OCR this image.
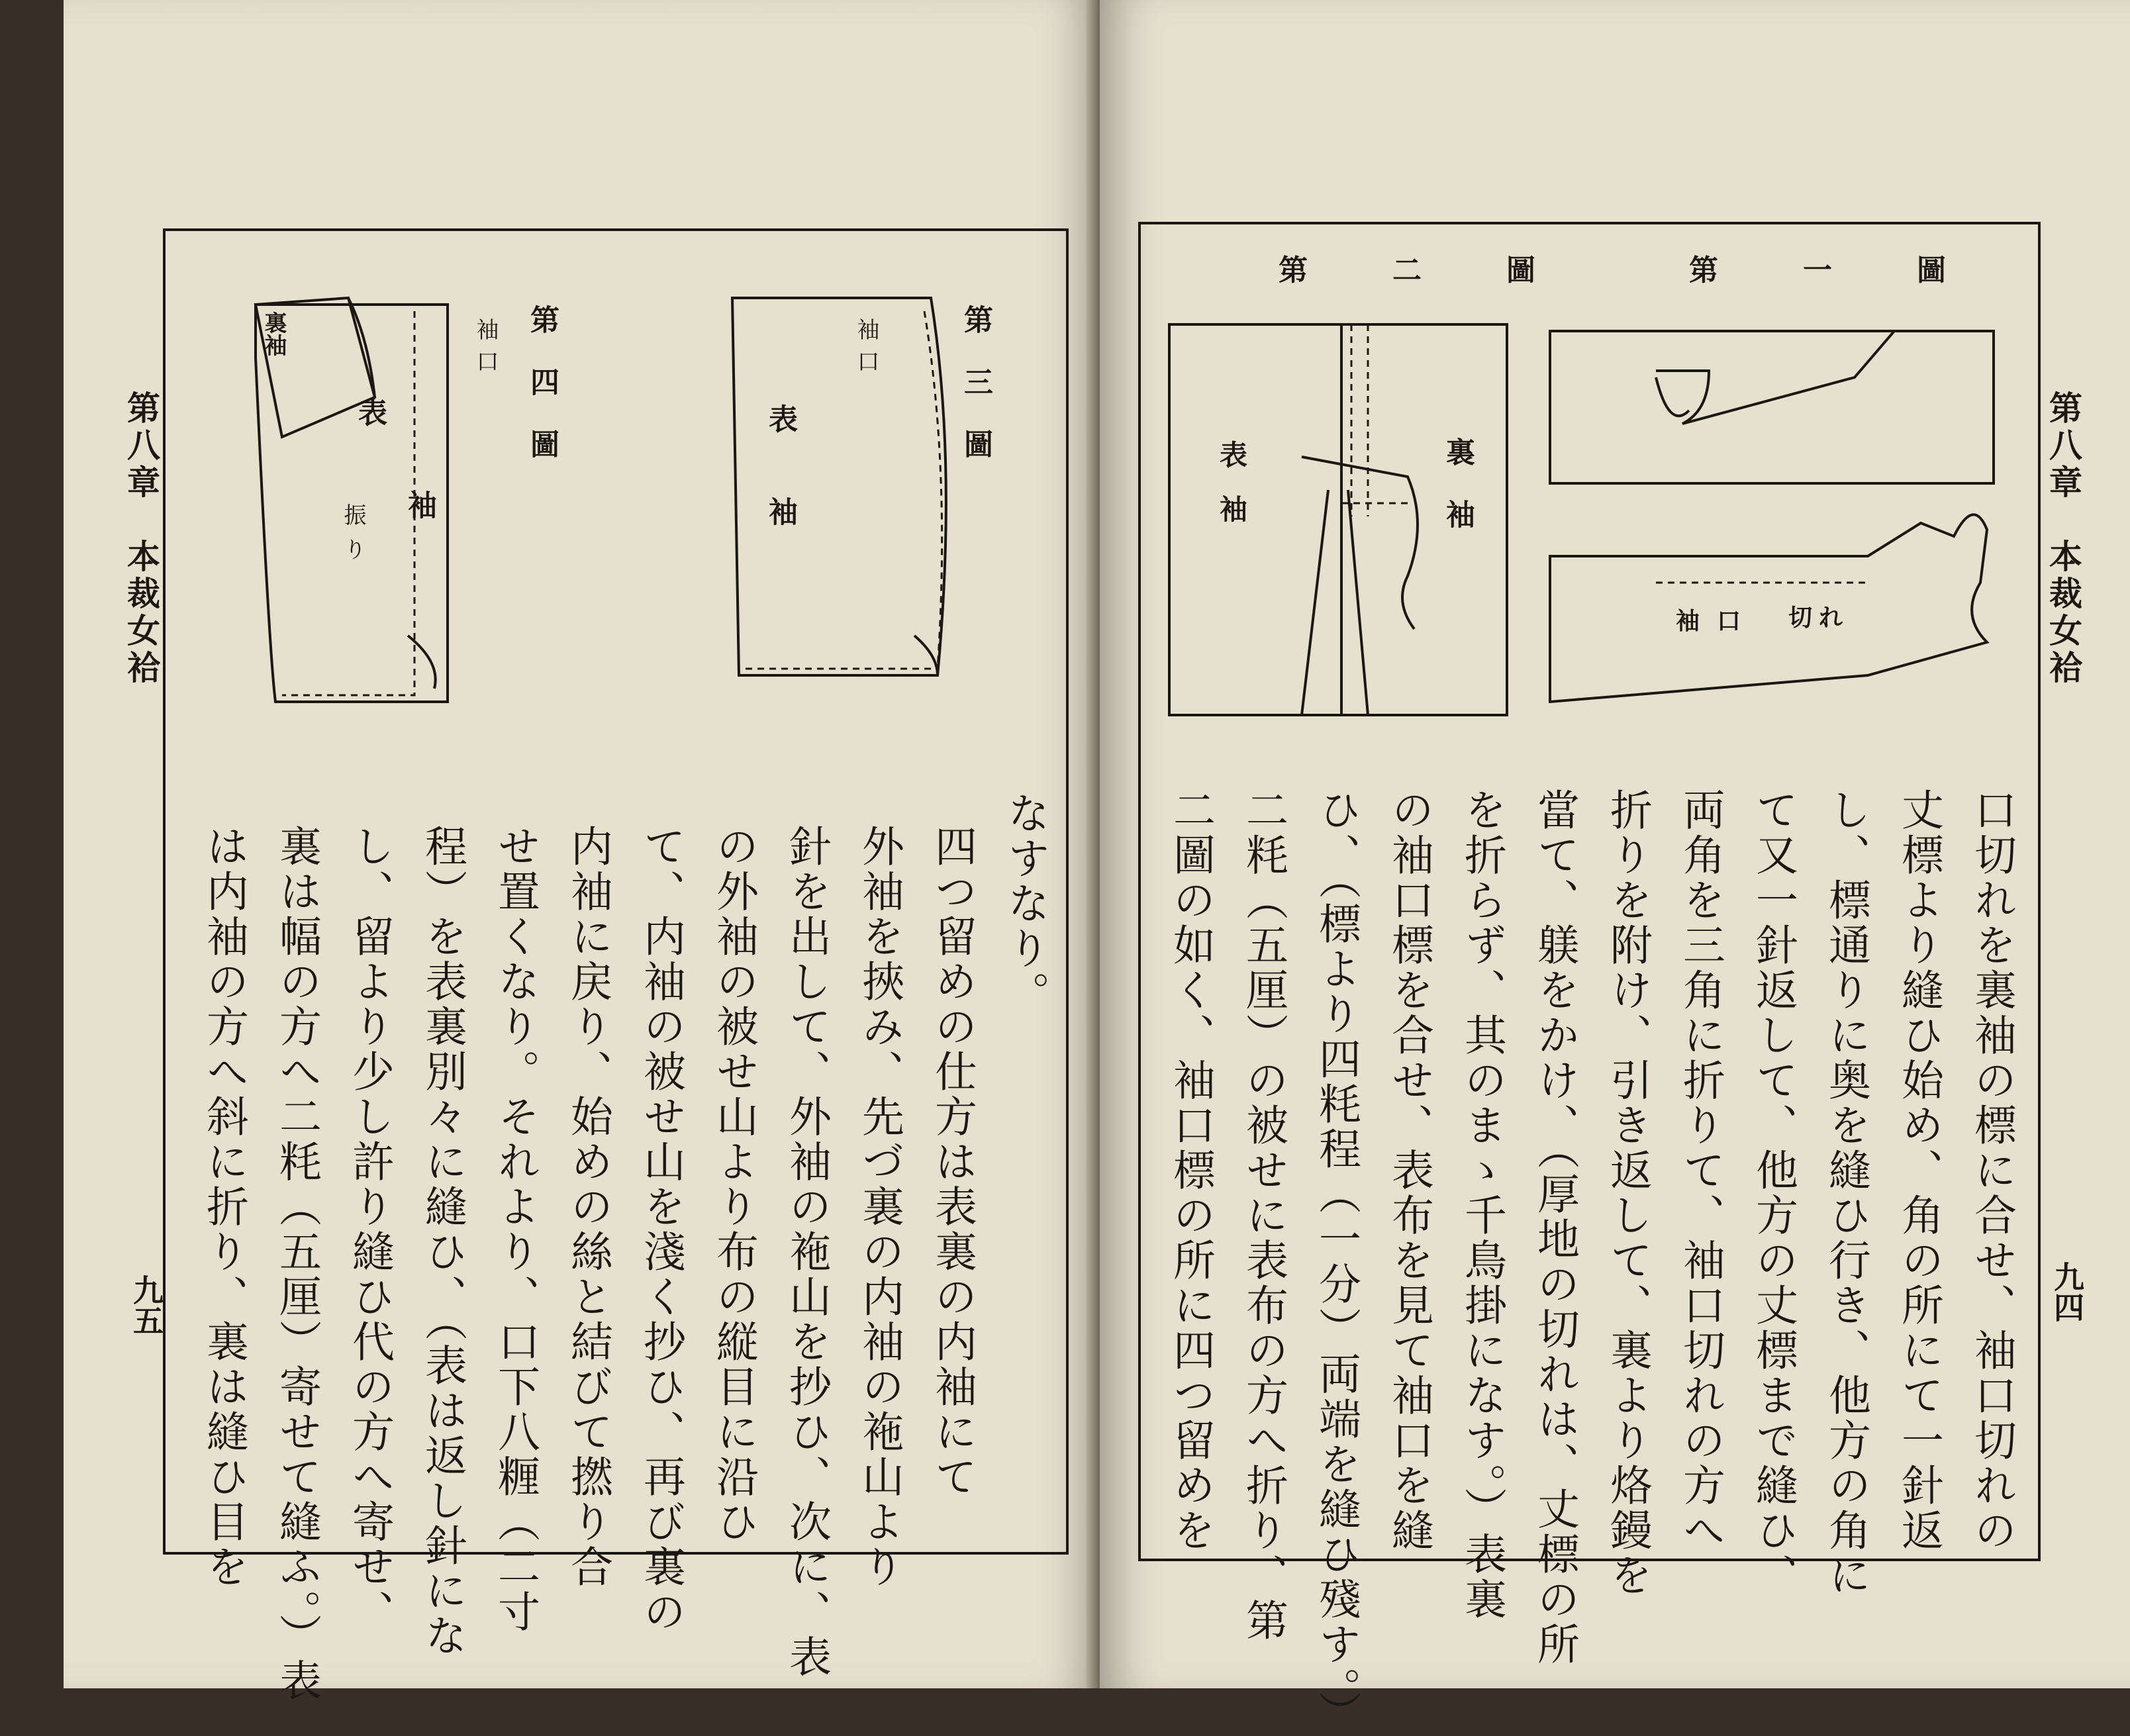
第八章　本裁女袷
九五
裏袖
表
袖
振り
袖口 第四圖	袖口
表
袖
第三圖
なすなり。
四つ留めの仕方は表裏の内袖にて
外袖を挾み、先づ裏の内袖の袘山より
針を出して、外袖の袘山を抄ひ、次に、表
の外袖の被せ山より布の縦目に沿ひ
て、内袖の被せ山を淺く抄ひ、再び裏の
内袖に戻り、始めの絲と結びて撚り合
せ置くなり。それより、口下八糎（二寸
程）を表裏別々に縫ひ、（表は返し針にな
し、留より少し許り縫ひ代の方へ寄せ、
裏は幅の方へ二粍（五厘）寄せて縫ふ。）表
は内袖の方へ斜に折り、裏は縫ひ目を
第八章　本裁女袷
九四
第二圖 第一圖
表袖	裏袖
袖口 切れ
口切れを裏袖の標に合せ、袖口切れの
丈標より縫ひ始め、角の所にて一針返
し、標通りに奥を縫ひ行き、他方の角に
て又一針返して、他方の丈標まで縫ひ、
両角を三角に折りて、袖口切れの方へ
折りを附け、引き返して、裏より烙鏝を
當て、躾をかけ、（厚地の切れは、丈標の所
を折らず、其のまゝ千鳥掛になす。）表裏
の袖口標を合せ、表布を見て袖口を縫
ひ、（標より四粍程（一分）両端を縫ひ殘す。）
二粍（五厘）の被せに表布の方へ折り、第
二圖の如く、袖口標の所に四つ留めを
